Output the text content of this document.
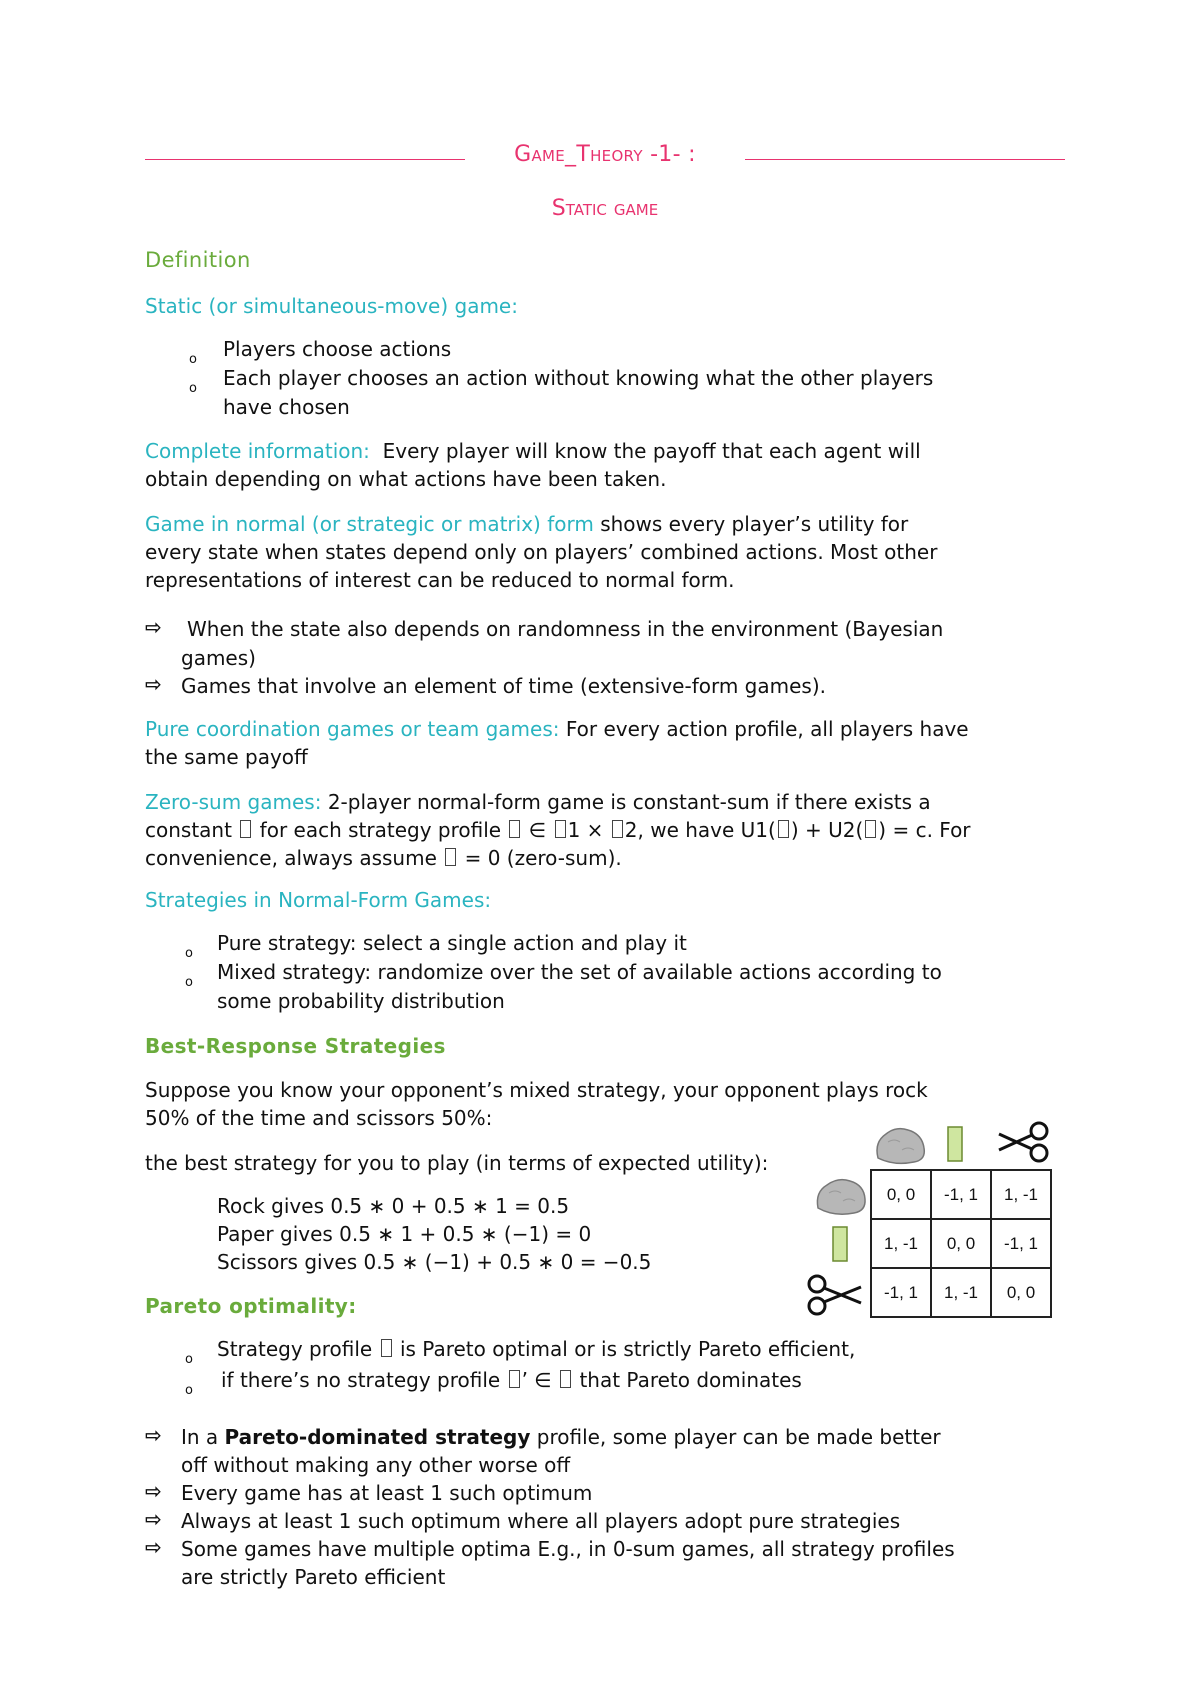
Game_Theory -1- :
Static game
Definition
Static (or simultaneous-move) game:
o Players choose actions
o Each player chooses an action without knowing what the other players
have chosen
Complete information: Every player will know the payoff that each agent will
obtain depending on what actions have been taken.
Game in normal (or strategic or matrix) form shows every player’s utility for
every state when states depend only on players’ combined actions. Most other
representations of interest can be reduced to normal form.
⇨ When the state also depends on randomness in the environment (Bayesian
games)
⇨ Games that involve an element of time (extensive-form games).
Pure coordination games or team games: For every action profile, all players have
the same payoff
Zero-sum games: 2-player normal-form game is constant-sum if there exists a
constant for each strategy profile ∈ 1 × 2, we have U1( ) + U2( ) = c. For
convenience, always assume = 0 (zero-sum).
Strategies in Normal-Form Games:
o Pure strategy: select a single action and play it
o Mixed strategy: randomize over the set of available actions according to
some probability distribution
Best-Response Strategies
Suppose you know your opponent’s mixed strategy, your opponent plays rock
50% of the time and scissors 50%:
the best strategy for you to play (in terms of expected utility):
Rock gives 0.5 ∗ 0 + 0.5 ∗ 1 = 0.5
Paper gives 0.5 ∗ 1 + 0.5 ∗ (−1) = 0
Scissors gives 0.5 ∗ (−1) + 0.5 ∗ 0 = −0.5
Pareto optimality:
o Strategy profile is Pareto optimal or is strictly Pareto efficient,
o if there’s no strategy profile ’ ∈ that Pareto dominates
⇨ In a Pareto-dominated strategy profile, some player can be made better
off without making any other worse off
⇨ Every game has at least 1 such optimum
⇨ Always at least 1 such optimum where all players adopt pure strategies
⇨ Some games have multiple optima E.g., in 0-sum games, all strategy profiles
are strictly Pareto efficient
0, 0	-1, 1	1, -1
1, -1	0, 0	-1, 1
-1, 1	1, -1	0, 0
